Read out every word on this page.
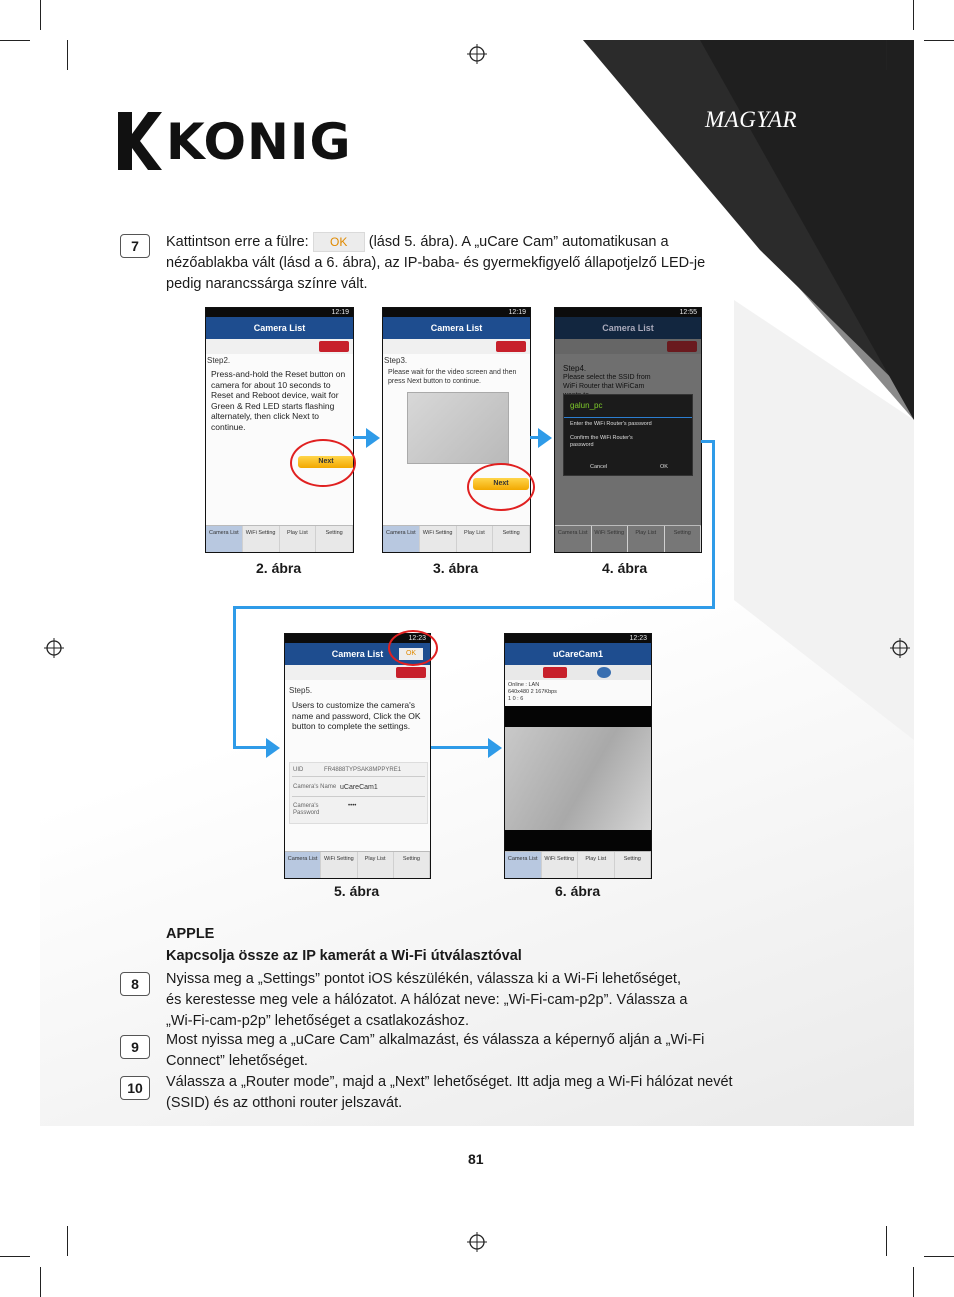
KONIG	MAGYAR
7	Kattintson erre a fülre: OK (lásd 5. ábra). A „uCare Cam” automatikusan a
nézőablakba vált (lásd a 6. ábra), az IP-baba- és gyermekfigyelő állapotjelző LED-je
pedig narancssárga színre vált.
12:19
Camera List
Step2.
Press-and-hold the Reset button on camera for about 10 seconds to Reset and Reboot device, wait for Green & Red LED starts flashing alternately, then click Next to continue.
Next
Camera List	WiFi Setting	Play List	Setting
12:19
Camera List
Step3.
Please wait for the video screen and then press Next button to continue.
Next
Camera List	WiFi Setting	Play List	Setting
12:55
Camera List
Step4.
Please select the SSID from WiFi Router that WiFiCam
galun_pc
Enter the WiFi Router's password
Confirm the WiFi Router's password
Cancel	OK
Camera List	WiFi Setting	Play List	Setting
2. ábra	3. ábra	4. ábra
12:23
Camera List	OK
Step5.
Users to customize the camera's name and password, Click the OK button to complete the settings.
UID	FR4888TYPSAK8MPPYRE1
Camera's Name uCareCam1
Camera's Password
••••
Camera List	WiFi Setting	Play List	Setting
12:23
uCareCam1
Online : LAN
640x480 2 167Kbps
1 0 : 6
Camera List	WiFi Setting	Play List	Setting
5. ábra	6. ábra
APPLE
Kapcsolja össze az IP kamerát a Wi-Fi útválasztóval
8	Nyissa meg a „Settings” pontot iOS készülékén, válassza ki a Wi-Fi lehetőséget,
és kerestesse meg vele a hálózatot. A hálózat neve: „Wi-Fi-cam-p2p”. Válassza a
„Wi-Fi-cam-p2p” lehetőséget a csatlakozáshoz.
9	Most nyissa meg a „uCare Cam” alkalmazást, és válassza a képernyő alján a „Wi-Fi
Connect” lehetőséget.
10	Válassza a „Router mode”, majd a „Next” lehetőséget. Itt adja meg a Wi-Fi hálózat nevét
(SSID) és az otthoni router jelszavát.
81
